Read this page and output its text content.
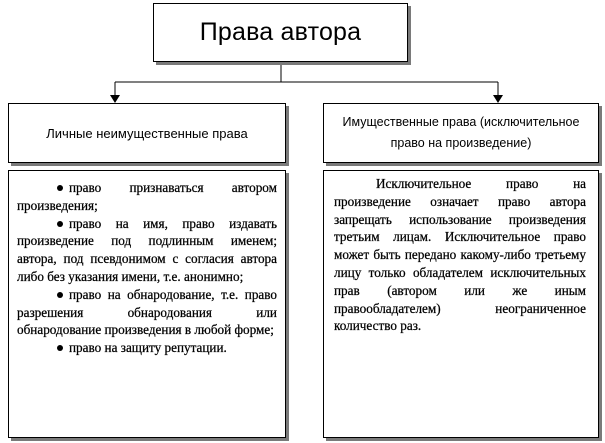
Права автора
Личные неимущественные права
Имущественные права (исключительное право на произведение)

право признаваться автором произведения;

право на имя, право издавать произведение под подлинным именем; автора, под псевдонимом с согласия автора либо без указания имени, т.е. анонимно;

право на обнародование, т.е. право разрешения обнародования или обнародование произведения в любой форме;

право на защиту репутации.

Исключительное право на произведение означает право автора запрещать использование произведения третьим лицам. Исключительное право может быть передано какому-либо третьему лицу только обладателем исключительных прав (автором или же иным правообладателем) неограниченное количество раз.
